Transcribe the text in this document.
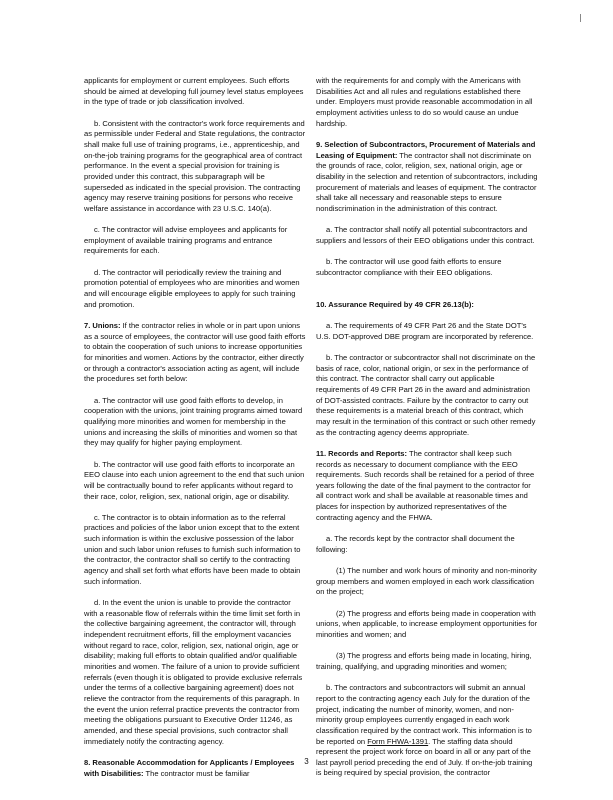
applicants for employment or current employees. Such efforts should be aimed at developing full journey level status employees in the type of trade or job classification involved.

b. Consistent with the contractor's work force requirements and as permissible under Federal and State regulations, the contractor shall make full use of training programs, i.e., apprenticeship, and on-the-job training programs for the geographical area of contract performance. In the event a special provision for training is provided under this contract, this subparagraph will be superseded as indicated in the special provision. The contracting agency may reserve training positions for persons who receive welfare assistance in accordance with 23 U.S.C. 140(a).

c. The contractor will advise employees and applicants for employment of available training programs and entrance requirements for each.

d. The contractor will periodically review the training and promotion potential of employees who are minorities and women and will encourage eligible employees to apply for such training and promotion.

7. Unions: If the contractor relies in whole or in part upon unions as a source of employees, the contractor will use good faith efforts to obtain the cooperation of such unions to increase opportunities for minorities and women. Actions by the contractor, either directly or through a contractor's association acting as agent, will include the procedures set forth below:

a. The contractor will use good faith efforts to develop, in cooperation with the unions, joint training programs aimed toward qualifying more minorities and women for membership in the unions and increasing the skills of minorities and women so that they may qualify for higher paying employment.

b. The contractor will use good faith efforts to incorporate an EEO clause into each union agreement to the end that such union will be contractually bound to refer applicants without regard to their race, color, religion, sex, national origin, age or disability.

c. The contractor is to obtain information as to the referral practices and policies of the labor union except that to the extent such information is within the exclusive possession of the labor union and such labor union refuses to furnish such information to the contractor, the contractor shall so certify to the contracting agency and shall set forth what efforts have been made to obtain such information.

d. In the event the union is unable to provide the contractor with a reasonable flow of referrals within the time limit set forth in the collective bargaining agreement, the contractor will, through independent recruitment efforts, fill the employment vacancies without regard to race, color, religion, sex, national origin, age or disability; making full efforts to obtain qualified and/or qualifiable minorities and women. The failure of a union to provide sufficient referrals (even though it is obligated to provide exclusive referrals under the terms of a collective bargaining agreement) does not relieve the contractor from the requirements of this paragraph. In the event the union referral practice prevents the contractor from meeting the obligations pursuant to Executive Order 11246, as amended, and these special provisions, such contractor shall immediately notify the contracting agency.

8. Reasonable Accommodation for Applicants / Employees with Disabilities: The contractor must be familiar

with the requirements for and comply with the Americans with Disabilities Act and all rules and regulations established there under. Employers must provide reasonable accommodation in all employment activities unless to do so would cause an undue hardship.

9. Selection of Subcontractors, Procurement of Materials and Leasing of Equipment: The contractor shall not discriminate on the grounds of race, color, religion, sex, national origin, age or disability in the selection and retention of subcontractors, including procurement of materials and leases of equipment. The contractor shall take all necessary and reasonable steps to ensure nondiscrimination in the administration of this contract.

a. The contractor shall notify all potential subcontractors and suppliers and lessors of their EEO obligations under this contract.

b. The contractor will use good faith efforts to ensure subcontractor compliance with their EEO obligations.

10. Assurance Required by 49 CFR 26.13(b):

a. The requirements of 49 CFR Part 26 and the State DOT's U.S. DOT-approved DBE program are incorporated by reference.

b. The contractor or subcontractor shall not discriminate on the basis of race, color, national origin, or sex in the performance of this contract. The contractor shall carry out applicable requirements of 49 CFR Part 26 in the award and administration of DOT-assisted contracts. Failure by the contractor to carry out these requirements is a material breach of this contract, which may result in the termination of this contract or such other remedy as the contracting agency deems appropriate.

11. Records and Reports: The contractor shall keep such records as necessary to document compliance with the EEO requirements. Such records shall be retained for a period of three years following the date of the final payment to the contractor for all contract work and shall be available at reasonable times and places for inspection by authorized representatives of the contracting agency and the FHWA.

a. The records kept by the contractor shall document the following:

(1) The number and work hours of minority and non-minority group members and women employed in each work classification on the project;

(2) The progress and efforts being made in cooperation with unions, when applicable, to increase employment opportunities for minorities and women; and

(3) The progress and efforts being made in locating, hiring, training, qualifying, and upgrading minorities and women;

b. The contractors and subcontractors will submit an annual report to the contracting agency each July for the duration of the project, indicating the number of minority, women, and non-minority group employees currently engaged in each work classification required by the contract work. This information is to be reported on Form FHWA-1391. The staffing data should represent the project work force on board in all or any part of the last payroll period preceding the end of July. If on-the-job training is being required by special provision, the contractor

3
